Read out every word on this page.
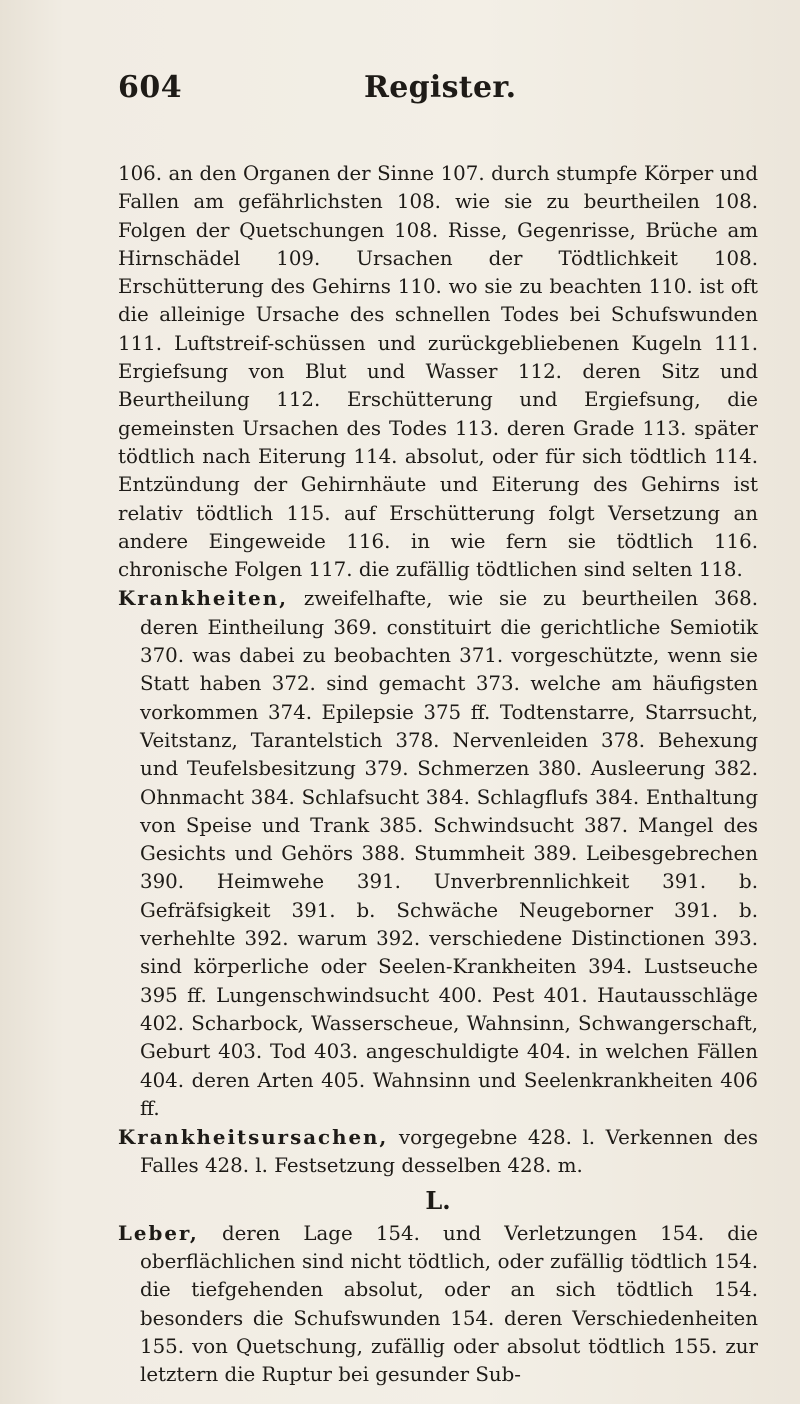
604	Register.

106. an den Organen der Sinne 107. durch stumpfe Körper und Fallen am gefährlichsten 108. wie sie zu beurtheilen 108. Folgen der Quetschungen 108. Risse, Gegenrisse, Brüche am Hirnschädel 109. Ursachen der Tödtlichkeit 108. Erschütterung des Gehirns 110. wo sie zu beachten 110. ist oft die alleinige Ursache des schnellen Todes bei Schufswunden 111. Luftstreif-schüssen und zurückgebliebenen Kugeln 111. Ergiefsung von Blut und Wasser 112. deren Sitz und Beurtheilung 112. Erschütterung und Ergiefsung, die gemeinsten Ursachen des Todes 113. deren Grade 113. später tödtlich nach Eiterung 114. absolut, oder für sich tödtlich 114. Entzündung der Gehirnhäute und Eiterung des Gehirns ist relativ tödtlich 115. auf Erschütterung folgt Versetzung an andere Eingeweide 116. in wie fern sie tödtlich 116. chronische Folgen 117. die zufällig tödtlichen sind selten 118.

Krankheiten, zweifelhafte, wie sie zu beurtheilen 368. deren Eintheilung 369. constituirt die gerichtliche Semiotik 370. was dabei zu beobachten 371. vorgeschützte, wenn sie Statt haben 372. sind gemacht 373. welche am häufigsten vorkommen 374. Epilepsie 375 ff. Todtenstarre, Starrsucht, Veitstanz, Tarantelstich 378. Nervenleiden 378. Behexung und Teufelsbesitzung 379. Schmerzen 380. Ausleerung 382. Ohnmacht 384. Schlafsucht 384. Schlagflufs 384. Enthaltung von Speise und Trank 385. Schwindsucht 387. Mangel des Gesichts und Gehörs 388. Stummheit 389. Leibesgebrechen 390. Heimwehe 391. Unverbrennlichkeit 391. b. Gefräfsigkeit 391. b. Schwäche Neugeborner 391. b. verhehlte 392. warum 392. verschiedene Distinctionen 393. sind körperliche oder Seelen-Krankheiten 394. Lustseuche 395 ff. Lungenschwindsucht 400. Pest 401. Hautausschläge 402. Scharbock, Wasserscheue, Wahnsinn, Schwangerschaft, Geburt 403. Tod 403. angeschuldigte 404. in welchen Fällen 404. deren Arten 405. Wahnsinn und Seelenkrankheiten 406 ff.

Krankheitsursachen, vorgegebne 428. l. Verkennen des Falles 428. l. Festsetzung desselben 428. m.

L.

Leber, deren Lage 154. und Verletzungen 154. die oberflächlichen sind nicht tödtlich, oder zufällig tödtlich 154. die tiefgehenden absolut, oder an sich tödtlich 154. besonders die Schufswunden 154. deren Verschiedenheiten 155. von Quetschung, zufällig oder absolut tödtlich 155. zur letztern die Ruptur bei gesunder Sub-
